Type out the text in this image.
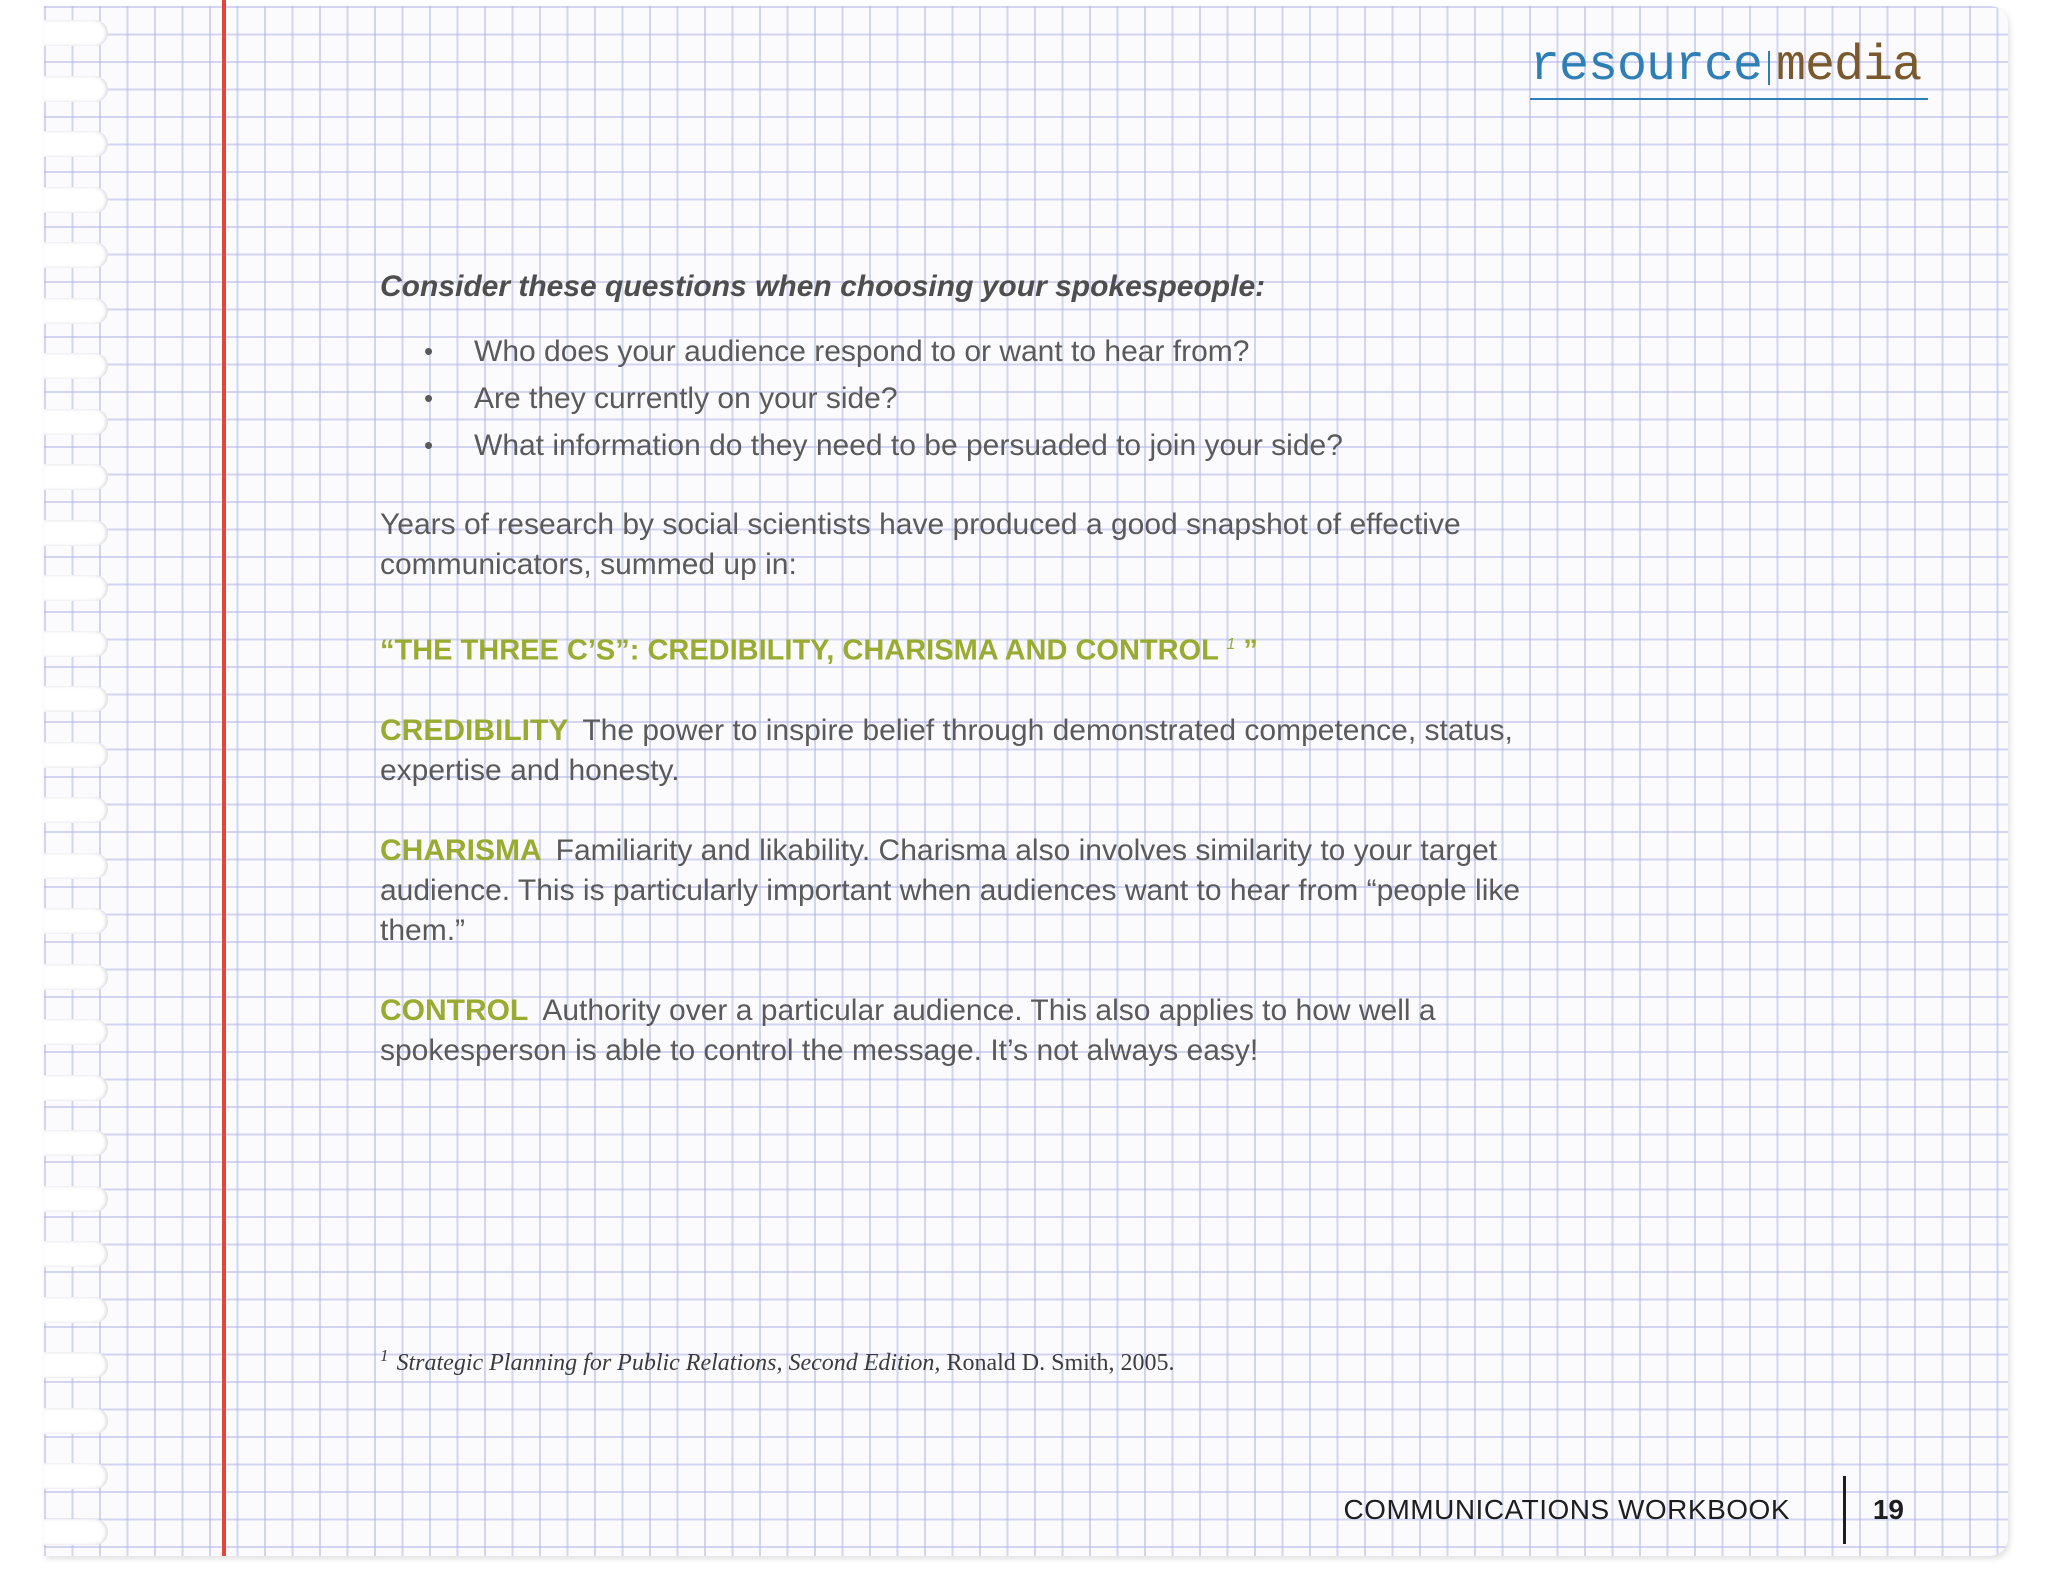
resource media

Consider these questions when choosing your spokespeople:

• Who does your audience respond to or want to hear from?
• Are they currently on your side?
• What information do they need to be persuaded to join your side?

Years of research by social scientists have produced a good snapshot of effective communicators, summed up in:

“THE THREE C’S”: CREDIBILITY, CHARISMA AND CONTROL $^1$ ”

CREDIBILITY The power to inspire belief through demonstrated competence, status, expertise and honesty.

CHARISMA Familiarity and likability. Charisma also involves similarity to your target audience. This is particularly important when audiences want to hear from “people like them.”

CONTROL Authority over a particular audience. This also applies to how well a spokesperson is able to control the message. It’s not always easy!

$^1$ Strategic Planning for Public Relations, Second Edition, Ronald D. Smith, 2005.
COMMUNICATIONS WORKBOOK	19
